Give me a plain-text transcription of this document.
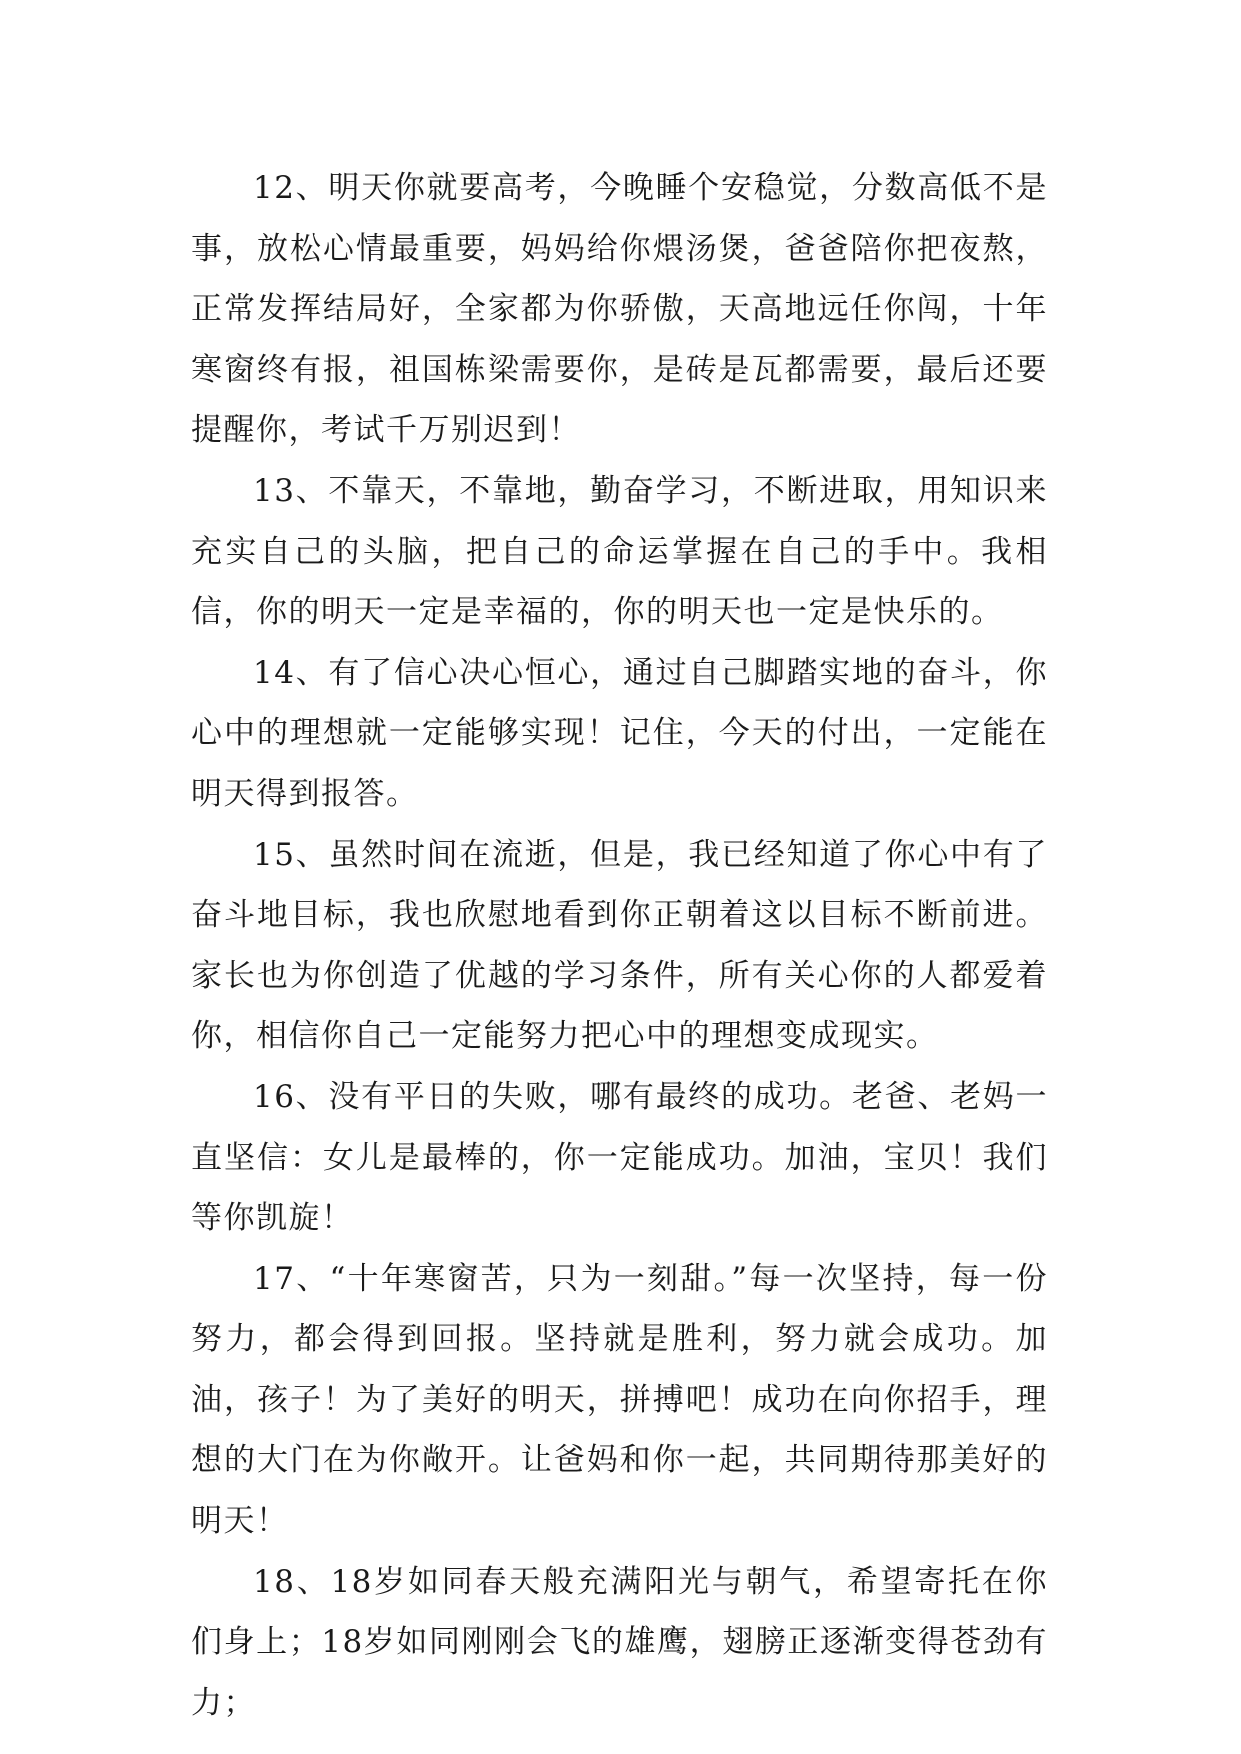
12、明天你就要高考，今晚睡个安稳觉，分数高低不是事，放松心情最重要，妈妈给你煨汤煲，爸爸陪你把夜熬，正常发挥结局好，全家都为你骄傲，天高地远任你闯，十年寒窗终有报，祖国栋梁需要你，是砖是瓦都需要，最后还要提醒你，考试千万别迟到！

13、不靠天，不靠地，勤奋学习，不断进取，用知识来充实自己的头脑，把自己的命运掌握在自己的手中。我相信，你的明天一定是幸福的，你的明天也一定是快乐的。

14、有了信心决心恒心，通过自己脚踏实地的奋斗，你心中的理想就一定能够实现！记住，今天的付出，一定能在明天得到报答。

15、虽然时间在流逝，但是，我已经知道了你心中有了奋斗地目标，我也欣慰地看到你正朝着这以目标不断前进。家长也为你创造了优越的学习条件，所有关心你的人都爱着你，相信你自己一定能努力把心中的理想变成现实。

16、没有平日的失败，哪有最终的成功。老爸、老妈一直坚信：女儿是最棒的，你一定能成功。加油，宝贝！我们等你凯旋！

17、“十年寒窗苦，只为一刻甜。”每一次坚持，每一份努力，都会得到回报。坚持就是胜利，努力就会成功。加油，孩子！为了美好的明天，拼搏吧！成功在向你招手，理想的大门在为你敞开。让爸妈和你一起，共同期待那美好的明天！

18、18岁如同春天般充满阳光与朝气，希望寄托在你们身上；18岁如同刚刚会飞的雄鹰，翅膀正逐渐变得苍劲有力；
